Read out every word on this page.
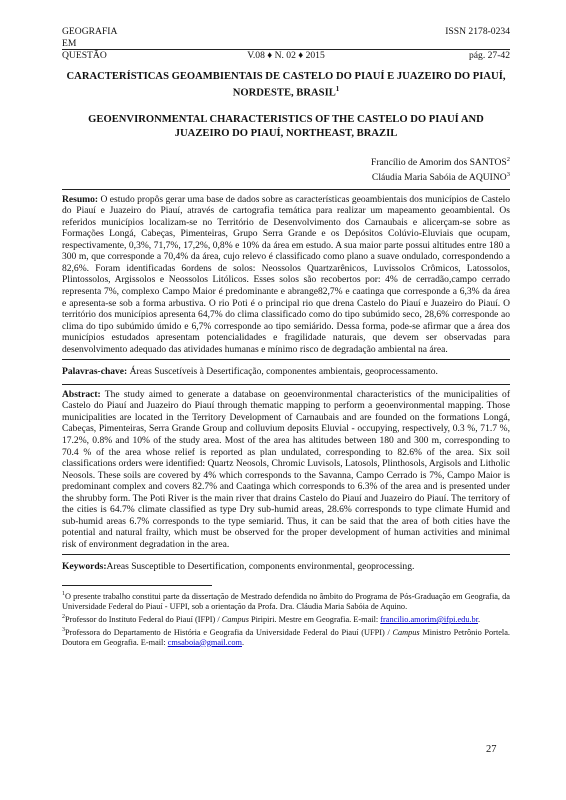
GEOGRAFIA	ISSN 2178-0234
EM
QUESTÃO	V.08 ♦ N. 02 ♦ 2015	pág. 27-42
CARACTERÍSTICAS GEOAMBIENTAIS DE CASTELO DO PIAUÍ E JUAZEIRO DO PIAUÍ, NORDESTE, BRASIL$^1$
GEOENVIRONMENTAL CHARACTERISTICS OF THE CASTELO DO PIAUÍ AND JUAZEIRO DO PIAUÍ, NORTHEAST, BRAZIL
Francílio de Amorim dos SANTOS$^2$
Cláudia Maria Sabóia de AQUINO$^3$
Resumo: O estudo propôs gerar uma base de dados sobre as características geoambientais dos municípios de Castelo do Piauí e Juazeiro do Piauí, através de cartografia temática para realizar um mapeamento geoambiental. Os referidos municípios localizam-se no Território de Desenvolvimento dos Carnaubais e alicerçam-se sobre as Formações Longá, Cabeças, Pimenteiras, Grupo Serra Grande e os Depósitos Colúvio-Eluviais que ocupam, respectivamente, 0,3%, 71,7%, 17,2%, 0,8% e 10% da área em estudo. A sua maior parte possui altitudes entre 180 a 300 m, que corresponde a 70,4% da área, cujo relevo é classificado como plano a suave ondulado, correspondendo a 82,6%. Foram identificadas 6ordens de solos: Neossolos Quartzarênicos, Luvissolos Crômicos, Latossolos, Plintossolos, Argissolos e Neossolos Litólicos. Esses solos são recobertos por: 4% de cerradão,campo cerrado representa 7%, complexo Campo Maior é predominante e abrange82,7% e caatinga que corresponde a 6,3% da área e apresenta-se sob a forma arbustiva. O rio Poti é o principal rio que drena Castelo do Piauí e Juazeiro do Piauí. O território dos municípios apresenta 64,7% do clima classificado como do tipo subúmido seco, 28,6% corresponde ao clima do tipo subúmido úmido e 6,7% corresponde ao tipo semiárido. Dessa forma, pode-se afirmar que a área dos municípios estudados apresentam potencialidades e fragilidade naturais, que devem ser observadas para desenvolvimento adequado das atividades humanas e mínimo risco de degradação ambiental na área.
Palavras-chave: Áreas Suscetíveis à Desertificação, componentes ambientais, geoprocessamento.
Abstract: The study aimed to generate a database on geoenvironmental characteristics of the municipalities of Castelo do Piauí and Juazeiro do Piauí through thematic mapping to perform a geoenvironmental mapping. Those municipalities are located in the Territory Development of Carnaubais and are founded on the formations Longá, Cabeças, Pimenteiras, Serra Grande Group and colluvium deposits Eluvial - occupying, respectively, 0.3 %, 71.7 %, 17.2%, 0.8% and 10% of the study area. Most of the area has altitudes between 180 and 300 m, corresponding to 70.4 % of the area whose relief is reported as plan undulated, corresponding to 82.6% of the area. Six soil classifications orders were identified: Quartz Neosols, Chromic Luvisols, Latosols, Plinthosols, Argisols and Litholic Neosols. These soils are covered by 4% which corresponds to the Savanna, Campo Cerrado is 7%, Campo Maior is predominant complex and covers 82.7% and Caatinga which corresponds to 6.3% of the area and is presented under the shrubby form. The Poti River is the main river that drains Castelo do Piauí and Juazeiro do Piauí. The territory of the cities is 64.7% climate classified as type Dry sub-humid areas, 28.6% corresponds to type climate Humid and sub-humid areas 6.7% corresponds to the type semiarid. Thus, it can be said that the area of both cities have the potential and natural frailty, which must be observed for the proper development of human activities and minimal risk of environment degradation in the area.
Keywords:Areas Susceptible to Desertification, components environmental, geoprocessing.
$^1$O presente trabalho constitui parte da dissertação de Mestrado defendida no âmbito do Programa de Pós-Graduação em Geografia, da Universidade Federal do Piauí - UFPI, sob a orientação da Profa. Dra. Cláudia Maria Sabóia de Aquino.
$^2$Professor do Instituto Federal do Piauí (IFPI) / Campus Piripiri. Mestre em Geografia. E-mail: francilio.amorim@ifpi.edu.br.
$^3$Professora do Departamento de História e Geografia da Universidade Federal do Piauí (UFPI) / Campus Ministro Petrônio Portela. Doutora em Geografia. E-mail: cmsaboia@gmail.com.
27
